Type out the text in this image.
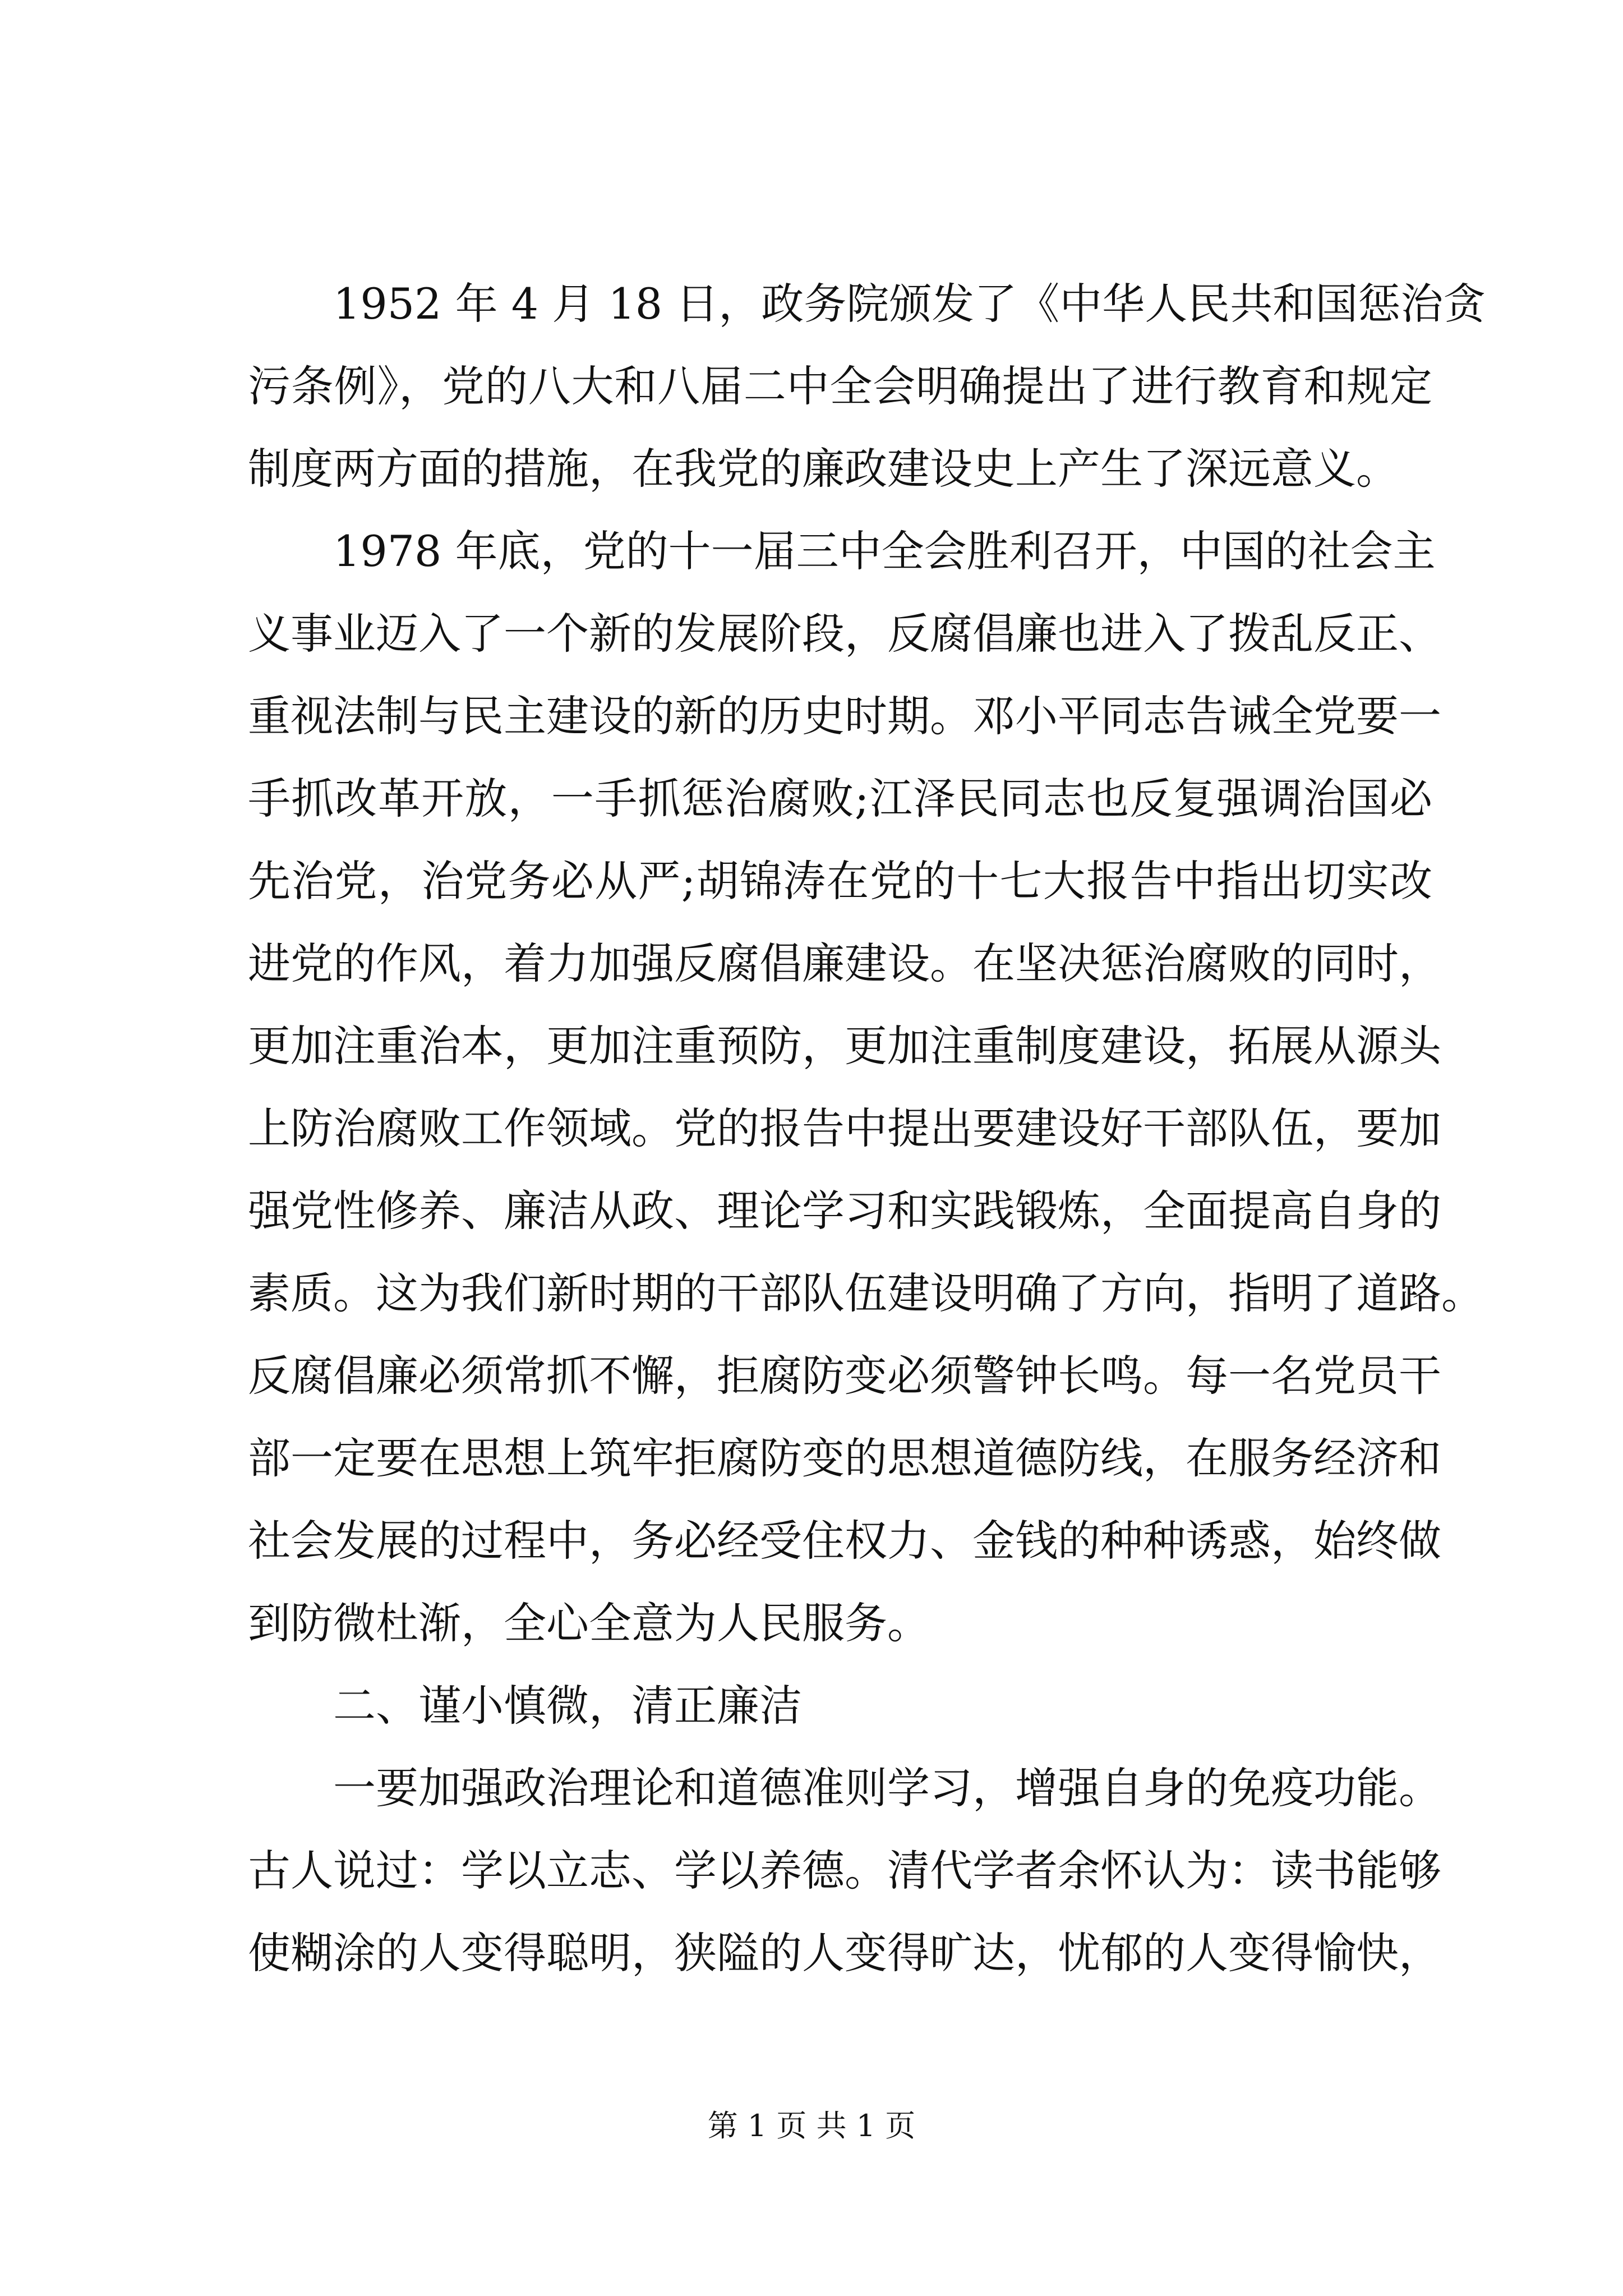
1952 年 4 月 18 日，政务院颁发了《中华人民共和国惩治贪
污条例》，党的八大和八届二中全会明确提出了进行教育和规定
制度两方面的措施，在我党的廉政建设史上产生了深远意义。
1978 年底，党的十一届三中全会胜利召开，中国的社会主
义事业迈入了一个新的发展阶段，反腐倡廉也进入了拨乱反正、
重视法制与民主建设的新的历史时期。邓小平同志告诫全党要一
手抓改革开放，一手抓惩治腐败;江泽民同志也反复强调治国必
先治党，治党务必从严;胡锦涛在党的十七大报告中指出切实改
进党的作风，着力加强反腐倡廉建设。在坚决惩治腐败的同时，
更加注重治本，更加注重预防，更加注重制度建设，拓展从源头
上防治腐败工作领域。党的报告中提出要建设好干部队伍，要加
强党性修养、廉洁从政、理论学习和实践锻炼，全面提高自身的
素质。这为我们新时期的干部队伍建设明确了方向，指明了道路。
反腐倡廉必须常抓不懈，拒腐防变必须警钟长鸣。每一名党员干
部一定要在思想上筑牢拒腐防变的思想道德防线，在服务经济和
社会发展的过程中，务必经受住权力、金钱的种种诱惑，始终做
到防微杜渐，全心全意为人民服务。
二、谨小慎微，清正廉洁
一要加强政治理论和道德准则学习，增强自身的免疫功能。
古人说过：学以立志、学以养德。清代学者余怀认为：读书能够
使糊涂的人变得聪明，狭隘的人变得旷达，忧郁的人变得愉快，
第 1 页 共 1 页
